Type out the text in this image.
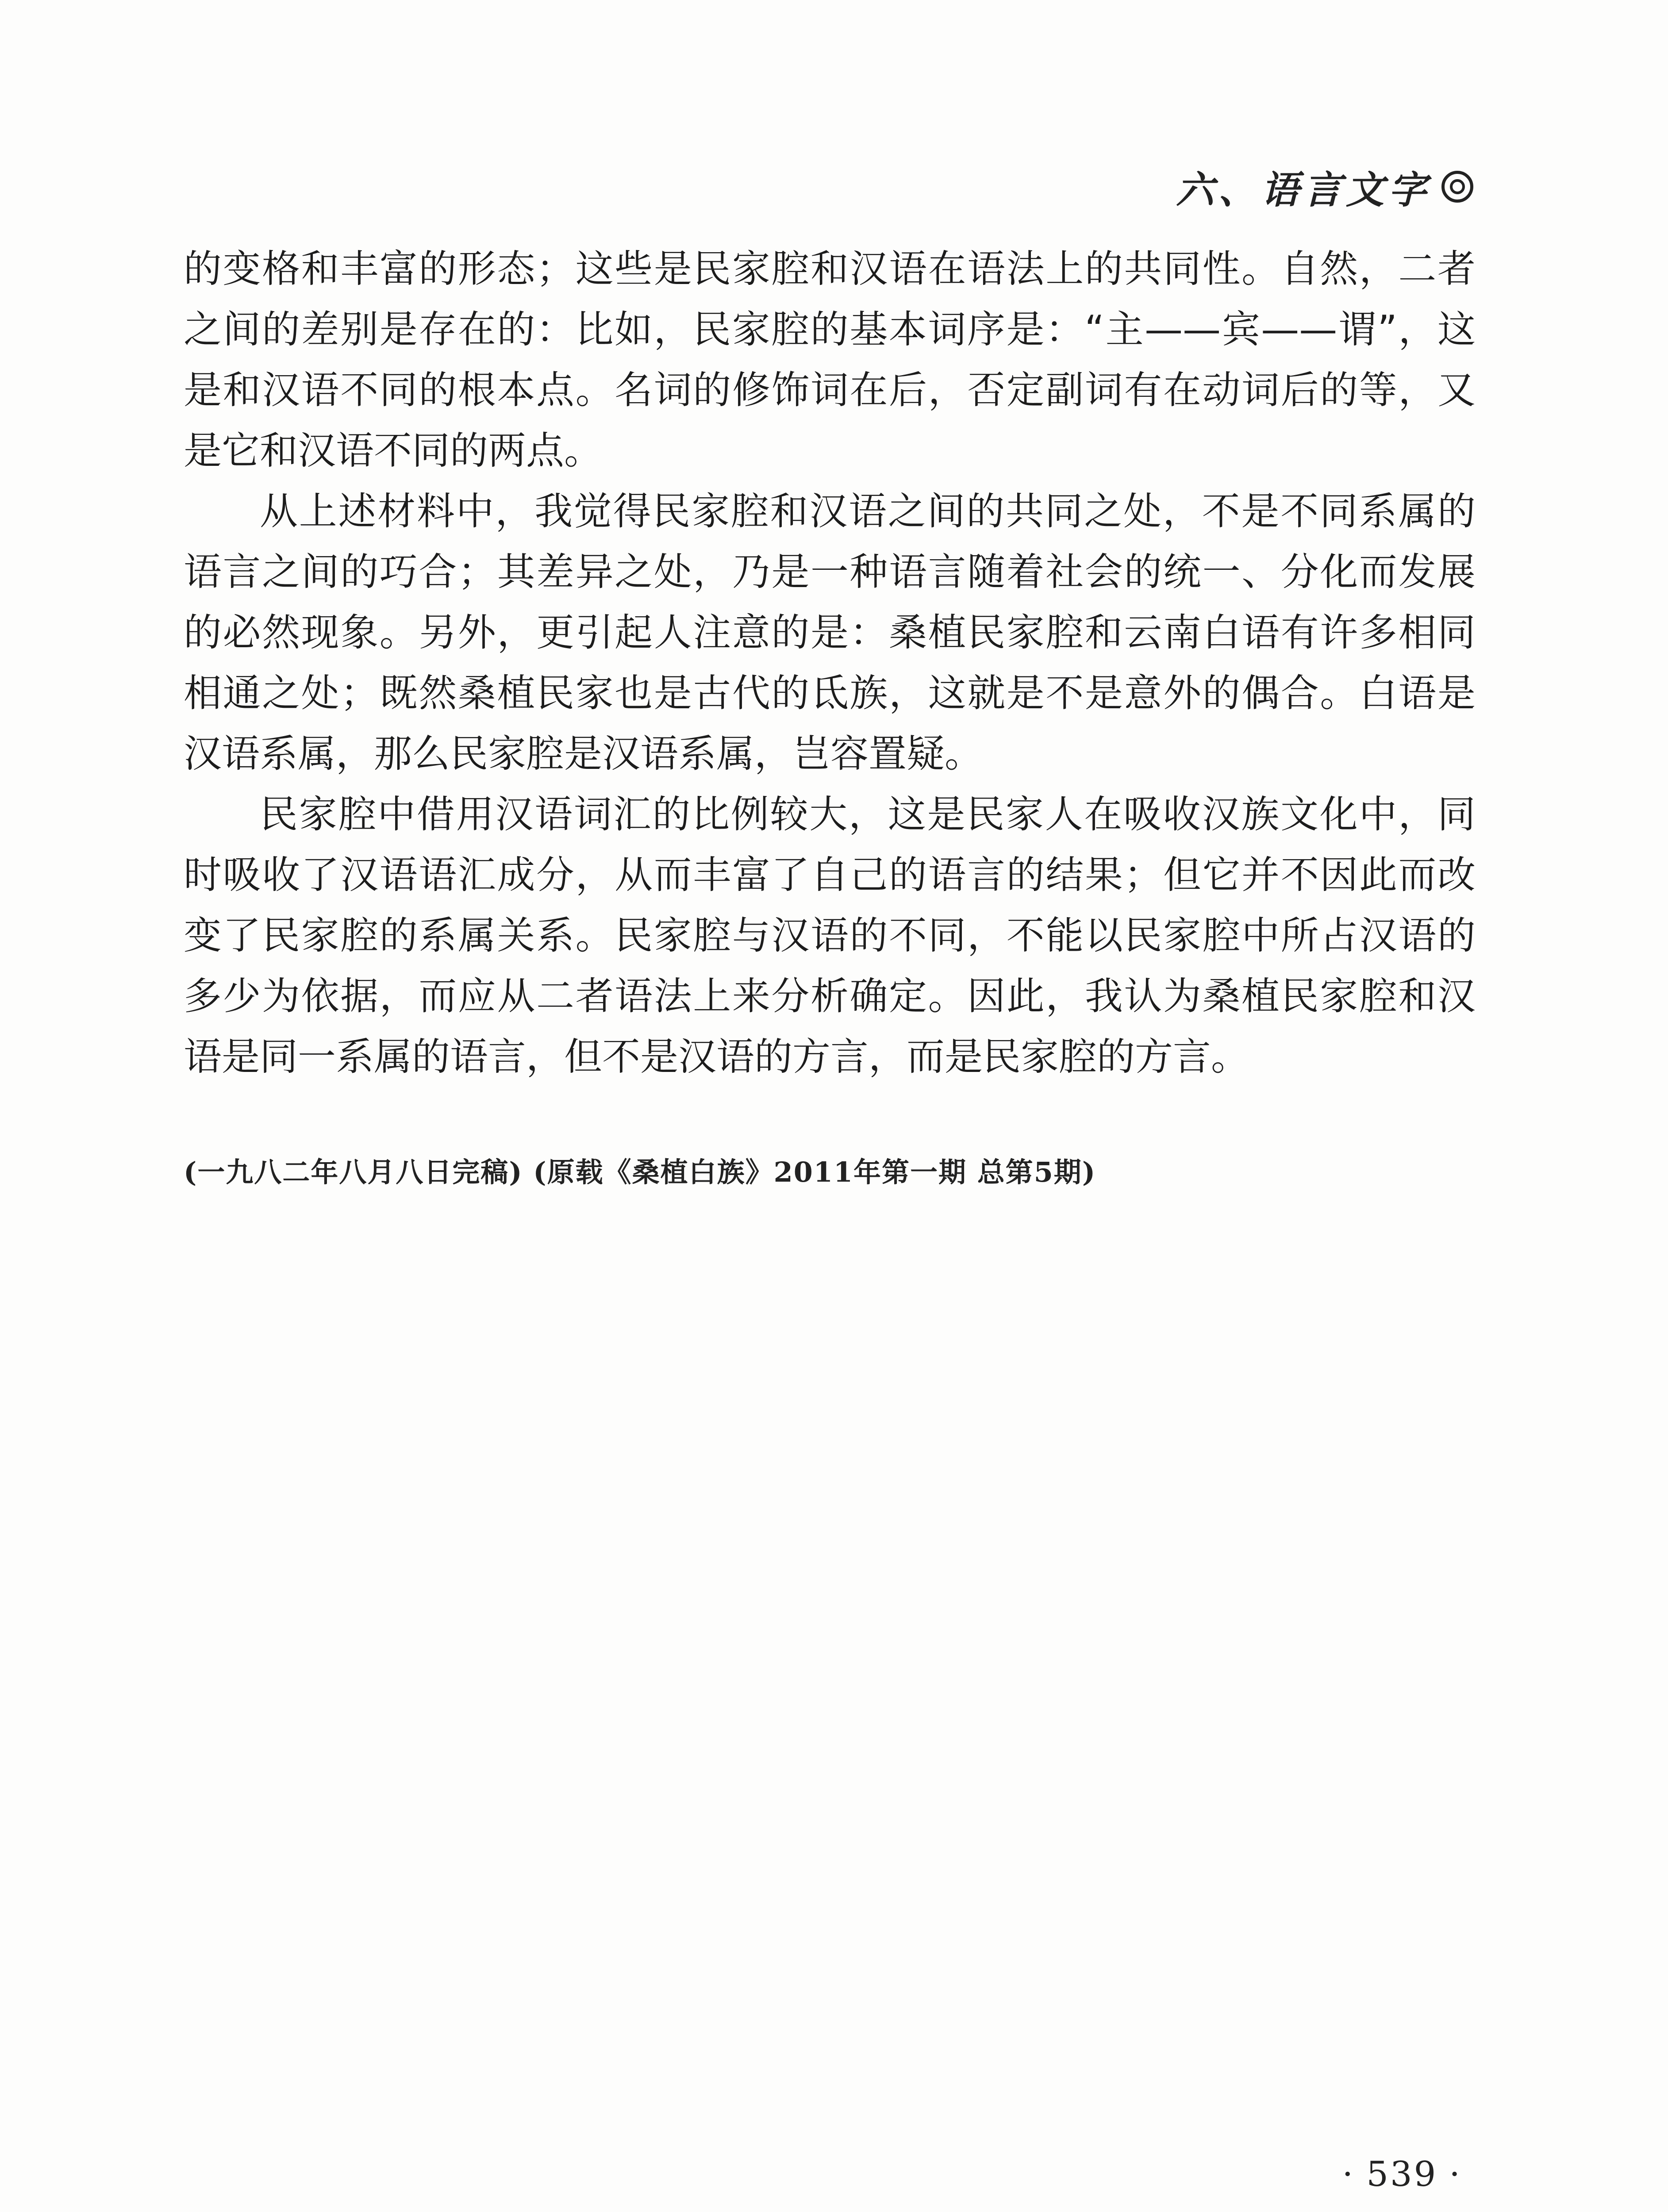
六、语言文字

的变格和丰富的形态；这些是民家腔和汉语在语法上的共同性。自然，二者之间的差别是存在的：比如，民家腔的基本词序是：“主——宾——谓”，这是和汉语不同的根本点。名词的修饰词在后，否定副词有在动词后的等，又是它和汉语不同的两点。

从上述材料中，我觉得民家腔和汉语之间的共同之处，不是不同系属的语言之间的巧合；其差异之处，乃是一种语言随着社会的统一、分化而发展的必然现象。另外，更引起人注意的是：桑植民家腔和云南白语有许多相同相通之处；既然桑植民家也是古代的氐族，这就是不是意外的偶合。白语是汉语系属，那么民家腔是汉语系属，岂容置疑。

民家腔中借用汉语词汇的比例较大，这是民家人在吸收汉族文化中，同时吸收了汉语语汇成分，从而丰富了自己的语言的结果；但它并不因此而改变了民家腔的系属关系。民家腔与汉语的不同，不能以民家腔中所占汉语的多少为依据，而应从二者语法上来分析确定。因此，我认为桑植民家腔和汉语是同一系属的语言，但不是汉语的方言，而是民家腔的方言。

(一九八二年八月八日完稿) (原载《桑植白族》2011年第一期 总第5期)
· 539 ·
